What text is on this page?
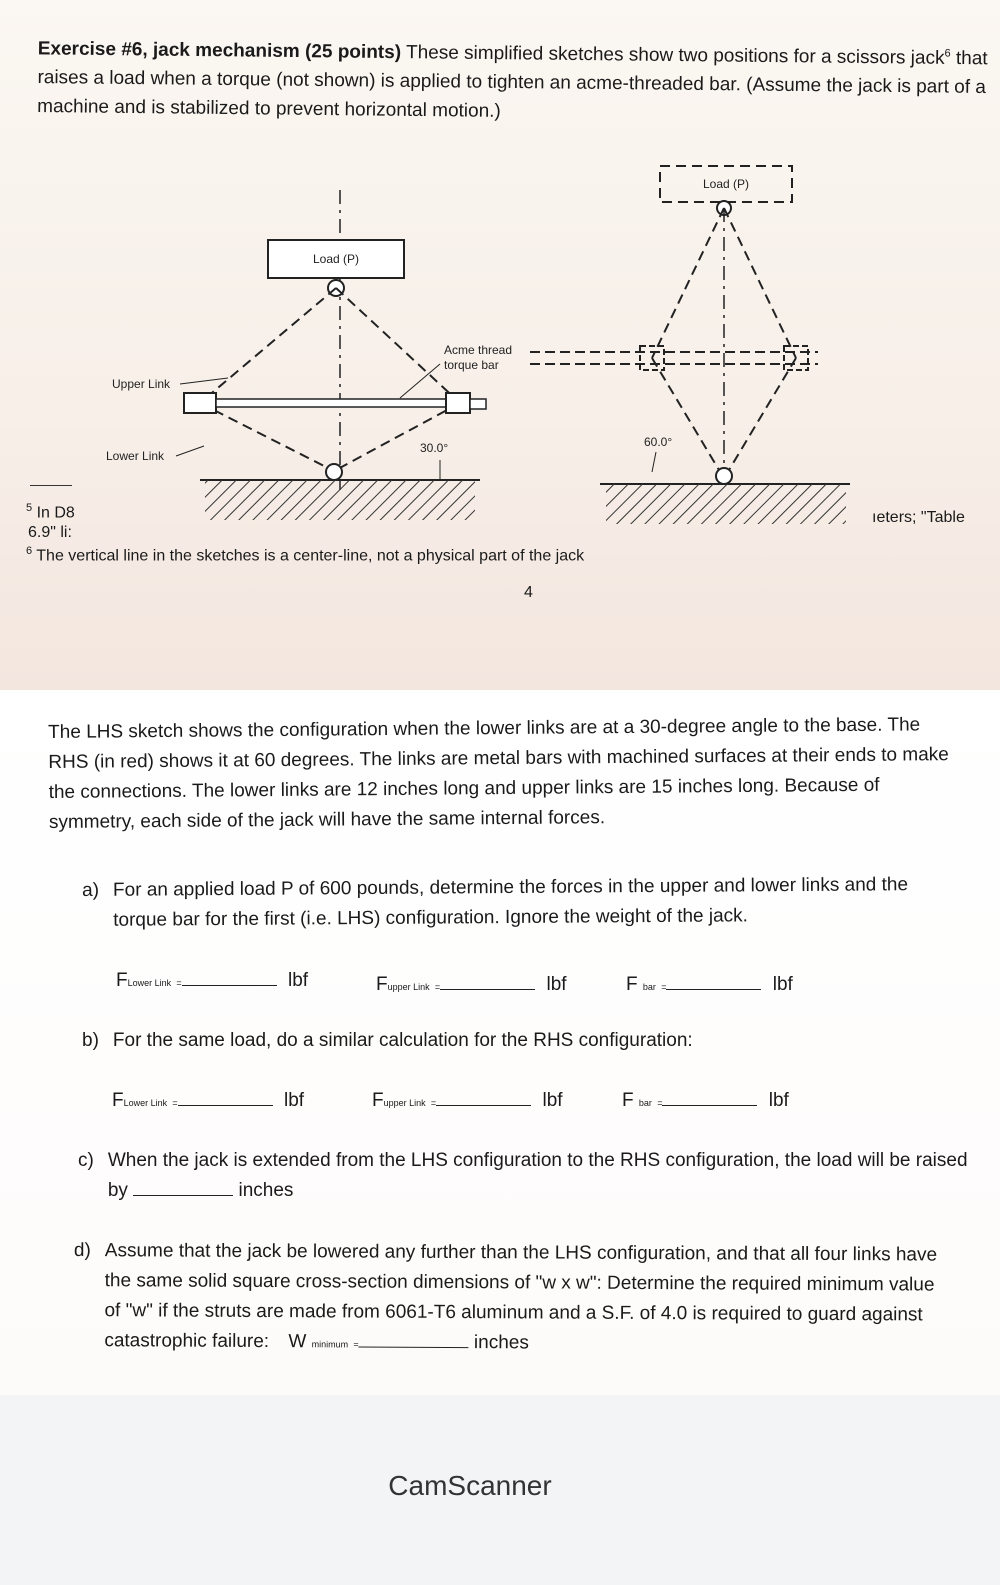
Exercise #6, jack mechanism (25 points) These simplified sketches show two positions for a scissors jack$^6$ that raises a load when a torque (not shown) is applied to tighten an acme-threaded bar. (Assume the jack is part of a machine and is stabilized to prevent horizontal motion.)
Load (P)
Upper Link
Lower Link
Acme thread
torque bar
30.0°
Load (P)
60.0°
$^5$ In D8
6.9" li:
ıeters; "Table
$^6$ The vertical line in the sketches is a center-line, not a physical part of the jack
4
The LHS sketch shows the configuration when the lower links are at a 30-degree angle to the base. The RHS (in red) shows it at 60 degrees. The links are metal bars with machined surfaces at their ends to make the connections. The lower links are 12 inches long and upper links are 15 inches long. Because of symmetry, each side of the jack will have the same internal forces.
a) For an applied load P of 600 pounds, determine the forces in the upper and lower links and the torque bar for the first (i.e. LHS) configuration. Ignore the weight of the jack.
FLower Link =	lbf	Fupper Link =	lbf	F bar =	lbf
b) For the same load, do a similar calculation for the RHS configuration:
FLower Link =	lbf	Fupper Link =	lbf	F bar =	lbf
c) When the jack is extended from the LHS configuration to the RHS configuration, the load will be raised by	inches
d) Assume that the jack be lowered any further than the LHS configuration, and that all four links have the same solid square cross-section dimensions of "w x w": Determine the required minimum value of "w" if the struts are made from 6061-T6 aluminum and a S.F. of 4.0 is required to guard against catastrophic failure: W minimum =	inches
CamScanner
